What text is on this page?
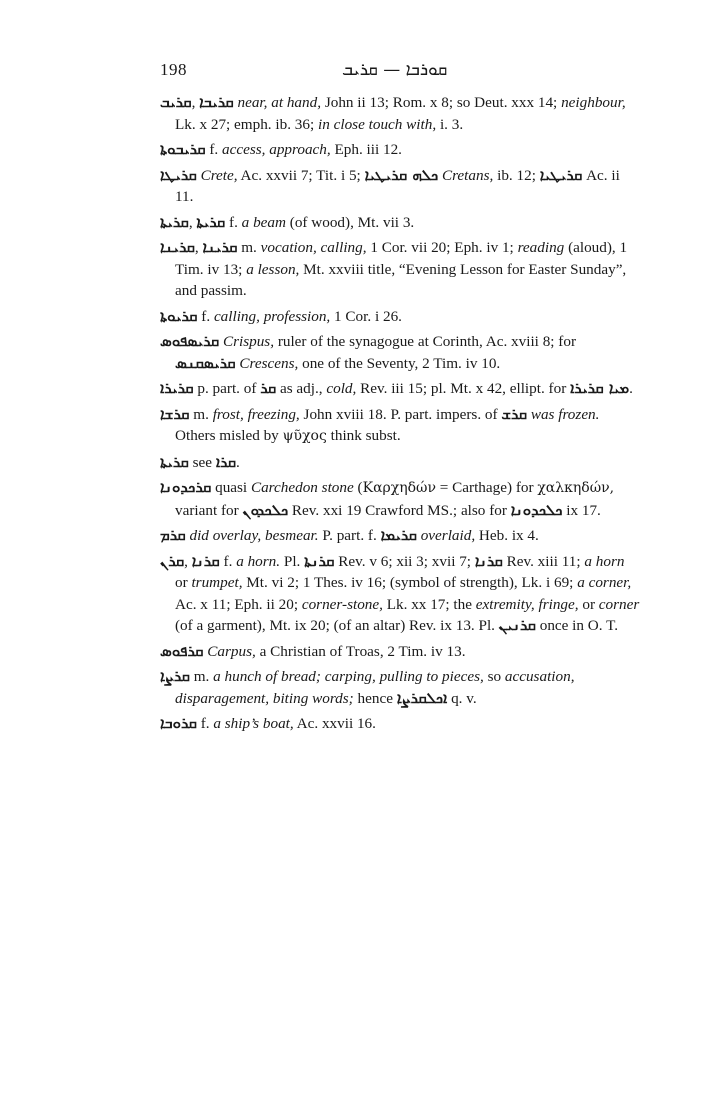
198	ܩܘܪܒܐ — ܩܪܝܒ
ܩܪܝܒ, ܩܪܝܒܐ near, at hand, John ii 13; Rom. x 8; so Deut. xxx 14; neighbour, Lk. x 27; emph. ib. 36; in close touch with, i. 3.
ܩܪܝܒܘܬܐ f. access, approach, Eph. iii 12.
ܩܪܝܛܐ Crete, Ac. xxvii 7; Tit. i 5; ܟܠܗ ܩܪܝܛܝܐ Cretans, ib. 12; ܩܪܝܛܝܐ Ac. ii 11.
ܩܪܝܬܐ, ܩܪܝܬܐ f. a beam (of wood), Mt. vii 3.
ܩܪܝܢܐ, ܩܪܝܢܐ m. vocation, calling, 1 Cor. vii 20; Eph. iv 1; reading (aloud), 1 Tim. iv 13; a lesson, Mt. xxviii title, “Evening Lesson for Easter Sunday”, and passim.
ܩܪܝܘܬܐ f. calling, profession, 1 Cor. i 26.
ܩܪܝܣܦܘܣ Crispus, ruler of the synagogue at Corinth, Ac. xviii 8; for ܩܪܝܣܩܢܣ Crescens, one of the Seventy, 2 Tim. iv 10.
ܩܪܝܪܐ p. part. of ܩܪ as adj., cold, Rev. iii 15; pl. Mt. x 42, ellipt. for ܡܝܐ ܩܪܝܪܐ.
ܩܪܫܐ m. frost, freezing, John xviii 18. P. part. impers. of ܩܪܫ was frozen. Others misled by ψῦχος think subst.
ܩܪܝܬܐ see ܩܪܐ.
ܩܪܟܕܘܢܐ quasi Carchedon stone (Καρχηδών = Carthage) for χαλκηδών, variant for ܟܠܟܕܘܢ Rev. xxi 19 Crawford MS.; also for ܟܠܟܕܘܢܐ ix 17.
ܩܪܡ did overlay, besmear. P. part. f. ܩܪܝܡܐ overlaid, Heb. ix 4.
ܩܪܢ, ܩܪܢܐ f. a horn. Pl. ܩܪܢܬܐ Rev. v 6; xii 3; xvii 7; ܩܪܢܐ Rev. xiii 11; a horn or trumpet, Mt. vi 2; 1 Thes. iv 16; (symbol of strength), Lk. i 69; a corner, Ac. x 11; Eph. ii 20; corner-stone, Lk. xx 17; the extremity, fringe, or corner (of a garment), Mt. ix 20; (of an altar) Rev. ix 13. Pl. ܩܪܢܝܢ once in O. T.
ܩܪܦܘܣ Carpus, a Christian of Troas, 2 Tim. iv 13.
ܩܪܨܐ m. a hunch of bread; carping, pulling to pieces, so accusation, disparagement, biting words; hence ܐܟܠܩܪܨܐ q. v.
ܩܪܘܒܐ f. a ship’s boat, Ac. xxvii 16.
